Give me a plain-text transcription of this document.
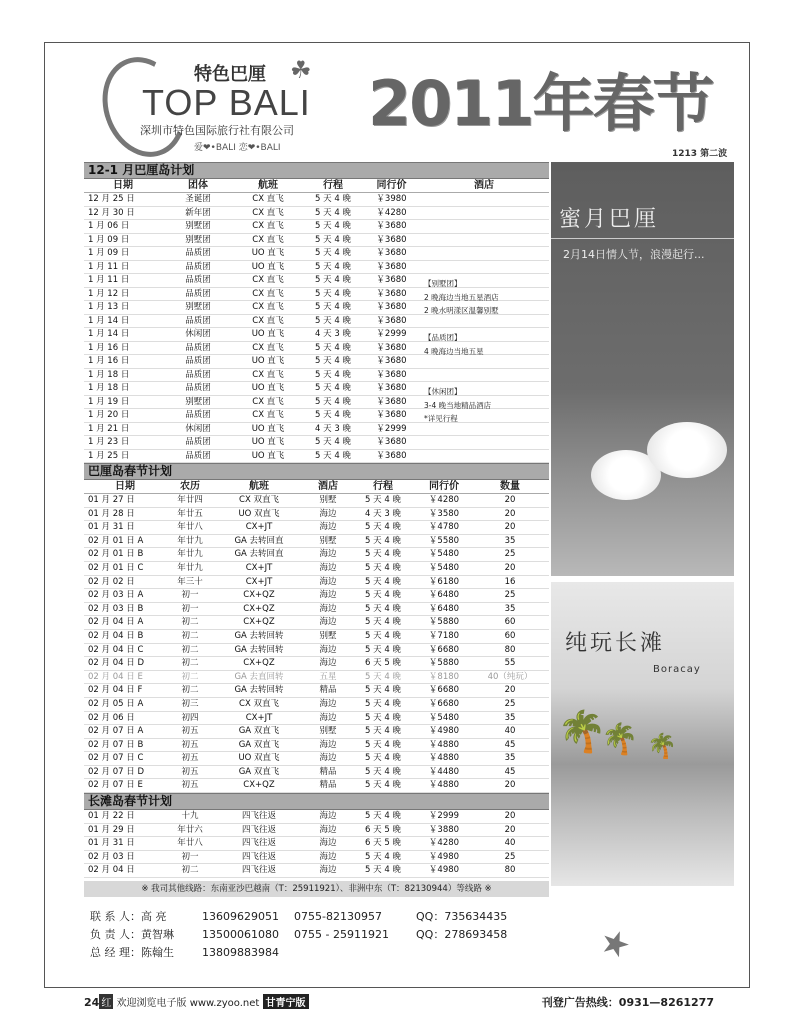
特色巴厘 ☘
TOP BALI
深圳市特色国际旅行社有限公司
爱❤•BALI 恋❤•BALI
2011年春节
1213 第二波
12-1 月巴厘岛计划
日期	团体	航班	行程	同行价	酒店
12 月 25 日	圣诞团	CX 直飞	5 天 4 晚	￥3980
12 月 30 日	新年团	CX 直飞	5 天 4 晚	￥4280
1 月 06 日	别墅团	CX 直飞	5 天 4 晚	￥3680
1 月 09 日	别墅团	CX 直飞	5 天 4 晚	￥3680
1 月 09 日	品质团	UO 直飞	5 天 4 晚	￥3680
1 月 11 日	品质团	UO 直飞	5 天 4 晚	￥3680
1 月 11 日	品质团	CX 直飞	5 天 4 晚	￥3680
1 月 12 日	品质团	CX 直飞	5 天 4 晚	￥3680
1 月 13 日	别墅团	CX 直飞	5 天 4 晚	￥3680
1 月 14 日	品质团	CX 直飞	5 天 4 晚	￥3680
1 月 14 日	休闲团	UO 直飞	4 天 3 晚	￥2999
1 月 16 日	品质团	CX 直飞	5 天 4 晚	￥3680
1 月 16 日	品质团	UO 直飞	5 天 4 晚	￥3680
1 月 18 日	品质团	CX 直飞	5 天 4 晚	￥3680
1 月 18 日	品质团	UO 直飞	5 天 4 晚	￥3680
1 月 19 日	别墅团	CX 直飞	5 天 4 晚	￥3680
1 月 20 日	品质团	CX 直飞	5 天 4 晚	￥3680
1 月 21 日	休闲团	UO 直飞	4 天 3 晚	￥2999
1 月 23 日	品质团	UO 直飞	5 天 4 晚	￥3680
1 月 25 日	品质团	UO 直飞	5 天 4 晚	￥3680
【别墅团】
2 晚海边当地五星酒店
2 晚水明漾区温馨别墅
【品质团】
4 晚海边当地五星
【休闲团】
3-4 晚当地精品酒店
*详见行程
巴厘岛春节计划
日期	农历	航班	酒店	行程	同行价	数量
01 月 27 日	年廿四	CX 双直飞	别墅	5 天 4 晚	￥4280	20
01 月 28 日	年廿五	UO 双直飞	海边	4 天 3 晚	￥3580	20
01 月 31 日	年廿八	CX+JT	海边	5 天 4 晚	￥4780	20
02 月 01 日 A	年廿九	GA 去转回直	别墅	5 天 4 晚	￥5580	35
02 月 01 日 B	年廿九	GA 去转回直	海边	5 天 4 晚	￥5480	25
02 月 01 日 C	年廿九	CX+JT	海边	5 天 4 晚	￥5480	20
02 月 02 日	年三十	CX+JT	海边	5 天 4 晚	￥6180	16
02 月 03 日 A	初一	CX+QZ	海边	5 天 4 晚	￥6480	25
02 月 03 日 B	初一	CX+QZ	海边	5 天 4 晚	￥6480	35
02 月 04 日 A	初二	CX+QZ	海边	5 天 4 晚	￥5880	60
02 月 04 日 B	初二	GA 去转回转	别墅	5 天 4 晚	￥7180	60
02 月 04 日 C	初二	GA 去转回转	海边	5 天 4 晚	￥6680	80
02 月 04 日 D	初二	CX+QZ	海边	6 天 5 晚	￥5880	55
02 月 04 日 E	初二	GA 去直回转	五星	5 天 4 晚	￥8180	40（纯玩）
02 月 04 日 F	初二	GA 去转回转	精品	5 天 4 晚	￥6680	20
02 月 05 日 A	初三	CX 双直飞	海边	5 天 4 晚	￥6680	25
02 月 06 日	初四	CX+JT	海边	5 天 4 晚	￥5480	35
02 月 07 日 A	初五	GA 双直飞	别墅	5 天 4 晚	￥4980	40
02 月 07 日 B	初五	GA 双直飞	海边	5 天 4 晚	￥4880	45
02 月 07 日 C	初五	UO 双直飞	海边	5 天 4 晚	￥4880	35
02 月 07 日 D	初五	GA 双直飞	精品	5 天 4 晚	￥4480	45
02 月 07 日 E	初五	CX+QZ	精品	5 天 4 晚	￥4880	20
长滩岛春节计划
01 月 22 日	十九	四飞往返	海边	5 天 4 晚	￥2999	20
01 月 29 日	年廿六	四飞往返	海边	6 天 5 晚	￥3880	20
01 月 31 日	年廿八	四飞往返	海边	6 天 5 晚	￥4280	40
02 月 03 日	初一	四飞往返	海边	5 天 4 晚	￥4980	25
02 月 04 日	初二	四飞往返	海边	5 天 4 晚	￥4980	80
※ 我司其他线路：东南亚沙巴越南（T：25911921）、非洲中东（T：82130944）等线路 ※
蜜月巴厘
2月14日情人节，浪漫起行...
纯玩长滩
Boracay
🌴
🌴 🌴
联 系 人：高 亮	13609629051 0755-82130957	QQ：735634435
负 责 人：黄智琳	13500061080 0755 - 25911921 QQ：278693458
总 经 理：陈翰生	13809883984	★
24 红 欢迎浏览电子版 www.zyoo.net 甘青宁版	刊登广告热线：0931—8261277
